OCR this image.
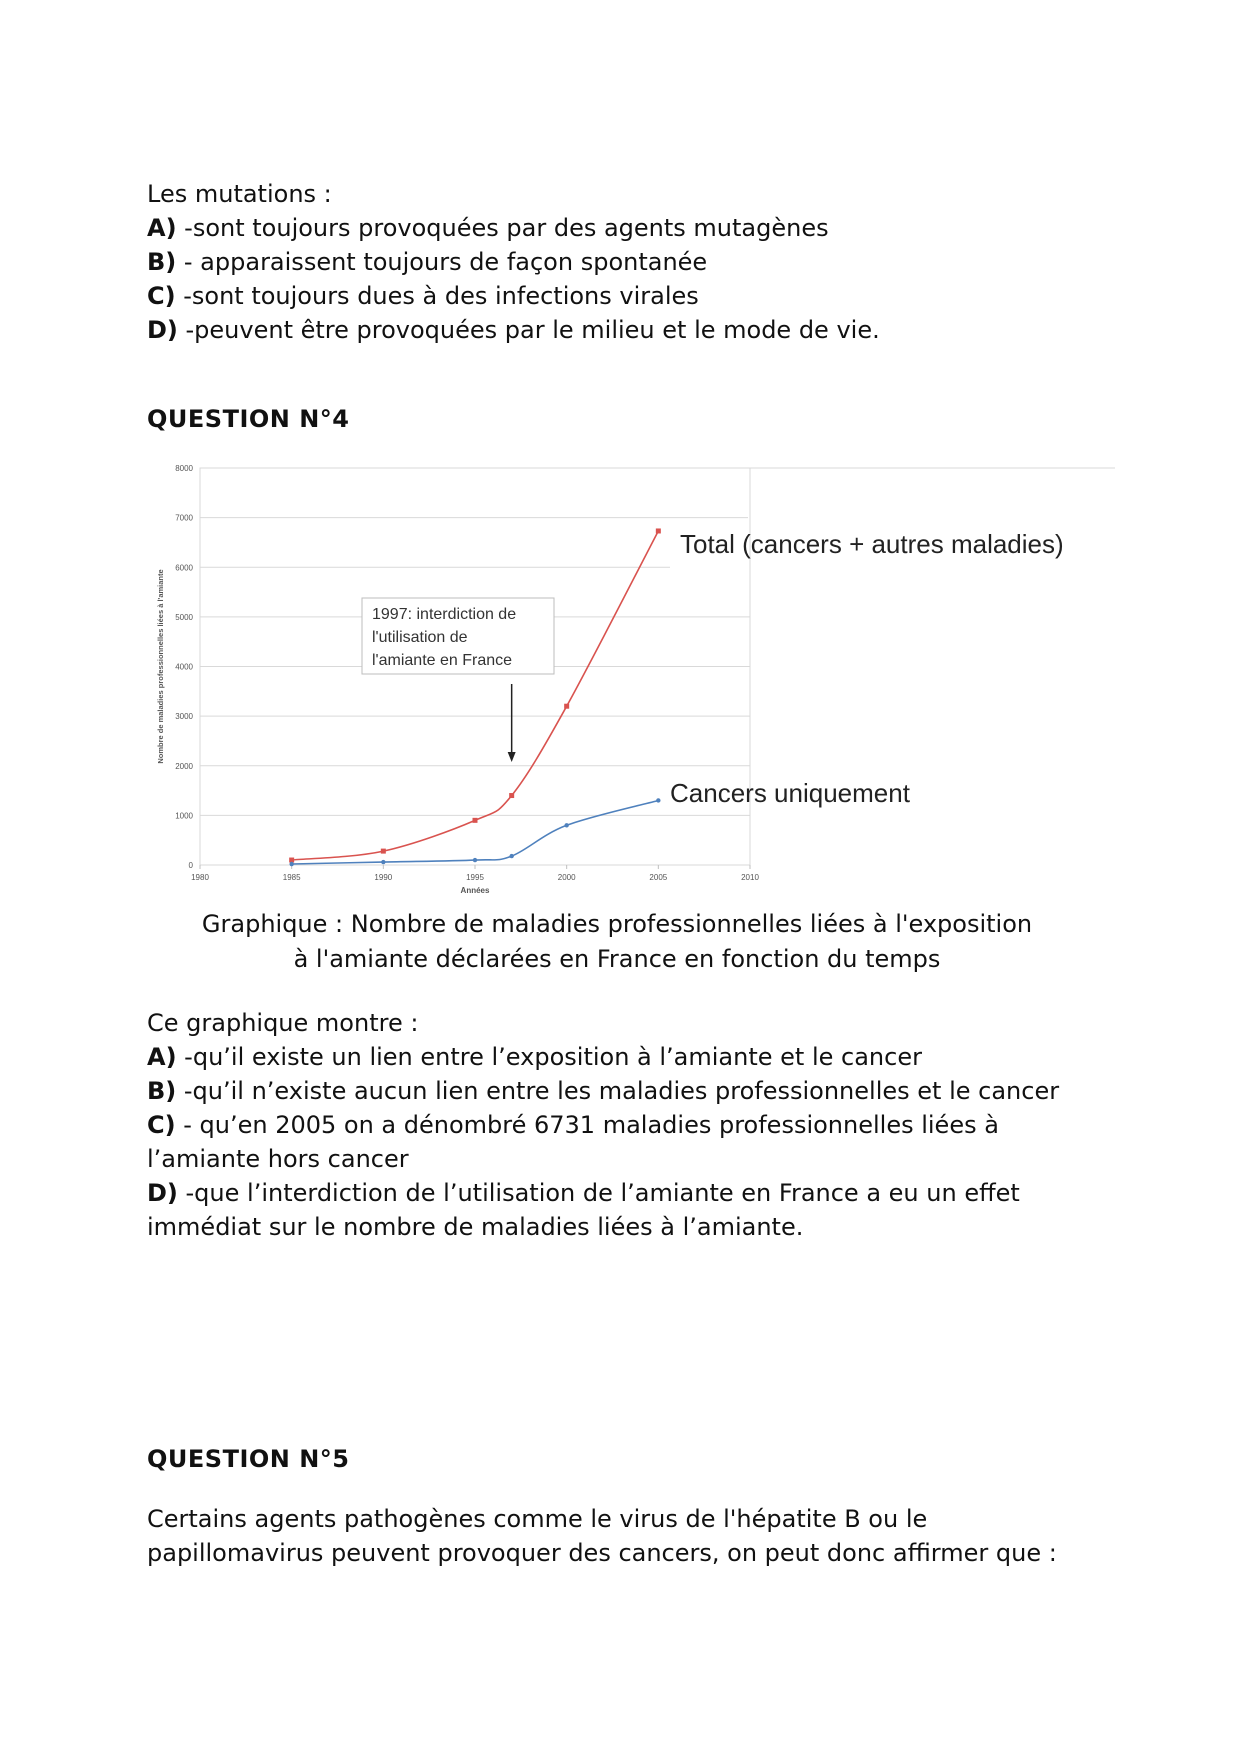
Les mutations :

A) -sont toujours provoquées par des agents mutagènes

B) - apparaissent toujours de façon spontanée

C) -sont toujours dues à des infections virales

D) -peuvent être provoquées par le milieu et le mode de vie.

QUESTION N°4
0
1000
2000
3000
4000
5000
6000
7000
8000
1980	1985	1990	1995	2000	2005	2010
Années
Nombre de maladies professionnelles liées à l'amiante
Total (cancers + autres maladies)
Cancers uniquement
1997: interdiction de
l'utilisation de
l'amiante en France

Graphique : Nombre de maladies professionnelles liées à l'exposition

à l'amiante déclarées en France en fonction du temps

Ce graphique montre :

A) -qu’il existe un lien entre l’exposition à l’amiante et le cancer

B) -qu’il n’existe aucun lien entre les maladies professionnelles et le cancer

C) - qu’en 2005 on a dénombré 6731 maladies professionnelles liées à l’amiante hors cancer

D) -que l’interdiction de l’utilisation de l’amiante en France a eu un effet immédiat sur le nombre de maladies liées à l’amiante.

QUESTION N°5

Certains agents pathogènes comme le virus de l'hépatite B ou le papillomavirus peuvent provoquer des cancers, on peut donc affirmer que :
